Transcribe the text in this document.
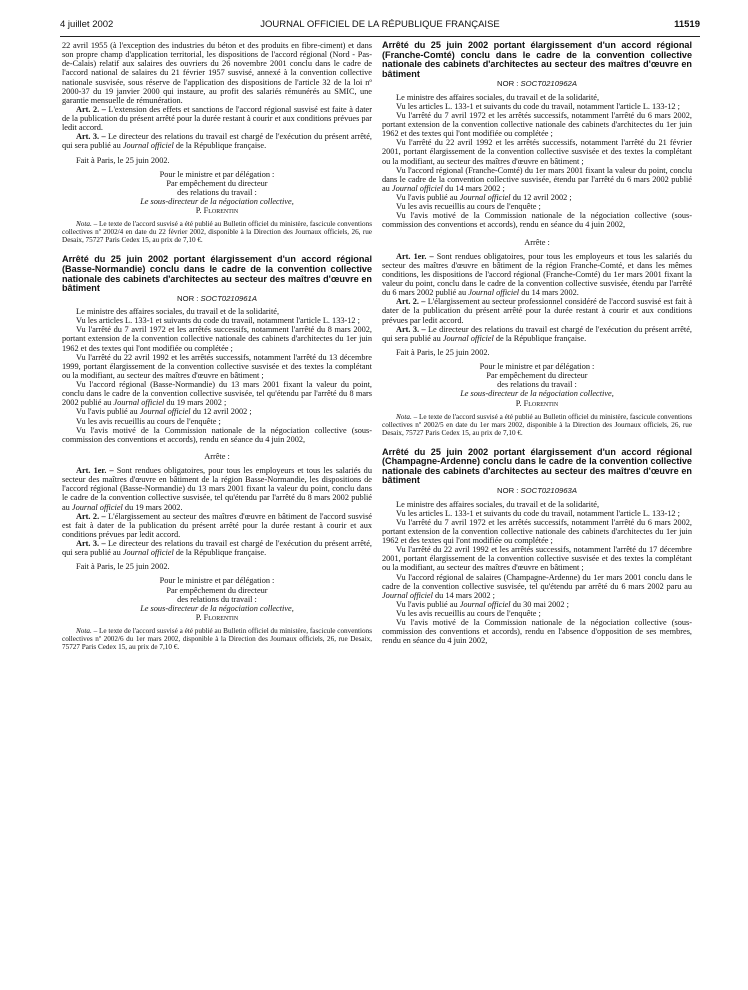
4 juillet 2002	JOURNAL OFFICIEL DE LA RÉPUBLIQUE FRANÇAISE	11519

22 avril 1955 (à l'exception des industries du béton et des produits en fibre-ciment) et dans son propre champ d'application territorial, les dispositions de l'accord régional (Nord - Pas-de-Calais) relatif aux salaires des ouvriers du 26 novembre 2001 conclu dans le cadre de l'accord national de salaires du 21 février 1957 susvisé, annexé à la convention collective nationale susvisée, sous réserve de l'application des dispositions de l'article 32 de la loi nº 2000-37 du 19 janvier 2000 qui instaure, au profit des salariés rémunérés au SMIC, une garantie mensuelle de rémunération.

Art. 2. – L'extension des effets et sanctions de l'accord régional susvisé est faite à dater de la publication du présent arrêté pour la durée restant à courir et aux conditions prévues par ledit accord.

Art. 3. – Le directeur des relations du travail est chargé de l'exécution du présent arrêté, qui sera publié au Journal officiel de la République française.

Fait à Paris, le 25 juin 2002.

Pour le ministre et par délégation :
Par empêchement du directeur
des relations du travail :
Le sous-directeur de la négociation collective,
P. Florentin

Nota. – Le texte de l'accord susvisé a été publié au Bulletin officiel du ministère, fascicule conventions collectives nº 2002/4 en date du 22 février 2002, disponible à la Direction des Journaux officiels, 26, rue Desaix, 75727 Paris Cedex 15, au prix de 7,10 €.

Arrêté du 25 juin 2002 portant élargissement d'un accord régional (Basse-Normandie) conclu dans le cadre de la convention collective nationale des cabinets d'architectes au secteur des maîtres d'œuvre en bâtiment

NOR : SOCT0210961A

Le ministre des affaires sociales, du travail et de la solidarité,

Vu les articles L. 133-1 et suivants du code du travail, notamment l'article L. 133-12 ;

Vu l'arrêté du 7 avril 1972 et les arrêtés successifs, notamment l'arrêté du 8 mars 2002, portant extension de la convention collective nationale des cabinets d'architectes du 1er juin 1962 et des textes qui l'ont modifiée ou complétée ;

Vu l'arrêté du 22 avril 1992 et les arrêtés successifs, notamment l'arrêté du 13 décembre 1999, portant élargissement de la convention collective susvisée et des textes la complétant ou la modifiant, au secteur des maîtres d'œuvre en bâtiment ;

Vu l'accord régional (Basse-Normandie) du 13 mars 2001 fixant la valeur du point, conclu dans le cadre de la convention collective susvisée, tel qu'étendu par l'arrêté du 8 mars 2002 publié au Journal officiel du 19 mars 2002 ;

Vu l'avis publié au Journal officiel du 12 avril 2002 ;

Vu les avis recueillis au cours de l'enquête ;

Vu l'avis motivé de la Commission nationale de la négociation collective (sous-commission des conventions et accords), rendu en séance du 4 juin 2002,

Arrête :

Art. 1er. – Sont rendues obligatoires, pour tous les employeurs et tous les salariés du secteur des maîtres d'œuvre en bâtiment de la région Basse-Normandie, les dispositions de l'accord régional (Basse-Normandie) du 13 mars 2001 fixant la valeur du point, conclu dans le cadre de la convention collective susvisée, tel qu'étendu par l'arrêté du 8 mars 2002 publié au Journal officiel du 19 mars 2002.

Art. 2. – L'élargissement au secteur des maîtres d'œuvre en bâtiment de l'accord susvisé est fait à dater de la publication du présent arrêté pour la durée restant à courir et aux conditions prévues par ledit accord.

Art. 3. – Le directeur des relations du travail est chargé de l'exécution du présent arrêté, qui sera publié au Journal officiel de la République française.

Fait à Paris, le 25 juin 2002.

Pour le ministre et par délégation :
Par empêchement du directeur
des relations du travail :
Le sous-directeur de la négociation collective,
P. Florentin

Nota. – Le texte de l'accord susvisé a été publié au Bulletin officiel du ministère, fascicule conventions collectives nº 2002/6 du 1er mars 2002, disponible à la Direction des Journaux officiels, 26, rue Desaix, 75727 Paris Cedex 15, au prix de 7,10 €.

Arrêté du 25 juin 2002 portant élargissement d'un accord régional (Franche-Comté) conclu dans le cadre de la convention collective nationale des cabinets d'architectes au secteur des maîtres d'œuvre en bâtiment

NOR : SOCT0210962A

Le ministre des affaires sociales, du travail et de la solidarité,

Vu les articles L. 133-1 et suivants du code du travail, notamment l'article L. 133-12 ;

Vu l'arrêté du 7 avril 1972 et les arrêtés successifs, notamment l'arrêté du 6 mars 2002, portant extension de la convention collective nationale des cabinets d'architectes du 1er juin 1962 et des textes qui l'ont modifiée ou complétée ;

Vu l'arrêté du 22 avril 1992 et les arrêtés successifs, notamment l'arrêté du 21 février 2001, portant élargissement de la convention collective susvisée et des textes la complétant ou la modifiant, au secteur des maîtres d'œuvre en bâtiment ;

Vu l'accord régional (Franche-Comté) du 1er mars 2001 fixant la valeur du point, conclu dans le cadre de la convention collective susvisée, étendu par l'arrêté du 6 mars 2002 publié au Journal officiel du 14 mars 2002 ;

Vu l'avis publié au Journal officiel du 12 avril 2002 ;

Vu les avis recueillis au cours de l'enquête ;

Vu l'avis motivé de la Commission nationale de la négociation collective (sous-commission des conventions et accords), rendu en séance du 4 juin 2002,

Arrête :

Art. 1er. – Sont rendues obligatoires, pour tous les employeurs et tous les salariés du secteur des maîtres d'œuvre en bâtiment de la région Franche-Comté, et dans les mêmes conditions, les dispositions de l'accord régional (Franche-Comté) du 1er mars 2001 fixant la valeur du point, conclu dans le cadre de la convention collective susvisée, étendu par l'arrêté du 6 mars 2002 publié au Journal officiel du 14 mars 2002.

Art. 2. – L'élargissement au secteur professionnel considéré de l'accord susvisé est fait à dater de la publication du présent arrêté pour la durée restant à courir et aux conditions prévues par ledit accord.

Art. 3. – Le directeur des relations du travail est chargé de l'exécution du présent arrêté, qui sera publié au Journal officiel de la République française.

Fait à Paris, le 25 juin 2002.

Pour le ministre et par délégation :
Par empêchement du directeur
des relations du travail :
Le sous-directeur de la négociation collective,
P. Florentin

Nota. – Le texte de l'accord susvisé a été publié au Bulletin officiel du ministère, fascicule conventions collectives nº 2002/5 en date du 1er mars 2002, disponible à la Direction des Journaux officiels, 26, rue Desaix, 75727 Paris Cedex 15, au prix de 7,10 €.

Arrêté du 25 juin 2002 portant élargissement d'un accord régional (Champagne-Ardenne) conclu dans le cadre de la convention collective nationale des cabinets d'architectes au secteur des maîtres d'œuvre en bâtiment

NOR : SOCT0210963A

Le ministre des affaires sociales, du travail et de la solidarité,

Vu les articles L. 133-1 et suivants du code du travail, notamment l'article L. 133-12 ;

Vu l'arrêté du 7 avril 1972 et les arrêtés successifs, notamment l'arrêté du 6 mars 2002, portant extension de la convention collective nationale des cabinets d'architectes du 1er juin 1962 et des textes qui l'ont modifiée ou complétée ;

Vu l'arrêté du 22 avril 1992 et les arrêtés successifs, notamment l'arrêté du 17 décembre 2001, portant élargissement de la convention collective susvisée et des textes la complétant ou la modifiant, au secteur des maîtres d'œuvre en bâtiment ;

Vu l'accord régional de salaires (Champagne-Ardenne) du 1er mars 2001 conclu dans le cadre de la convention collective susvisée, tel qu'étendu par arrêté du 6 mars 2002 paru au Journal officiel du 14 mars 2002 ;

Vu l'avis publié au Journal officiel du 30 mai 2002 ;

Vu les avis recueillis au cours de l'enquête ;

Vu l'avis motivé de la Commission nationale de la négociation collective (sous-commission des conventions et accords), rendu en l'absence d'opposition de ses membres, rendu en séance du 4 juin 2002,
